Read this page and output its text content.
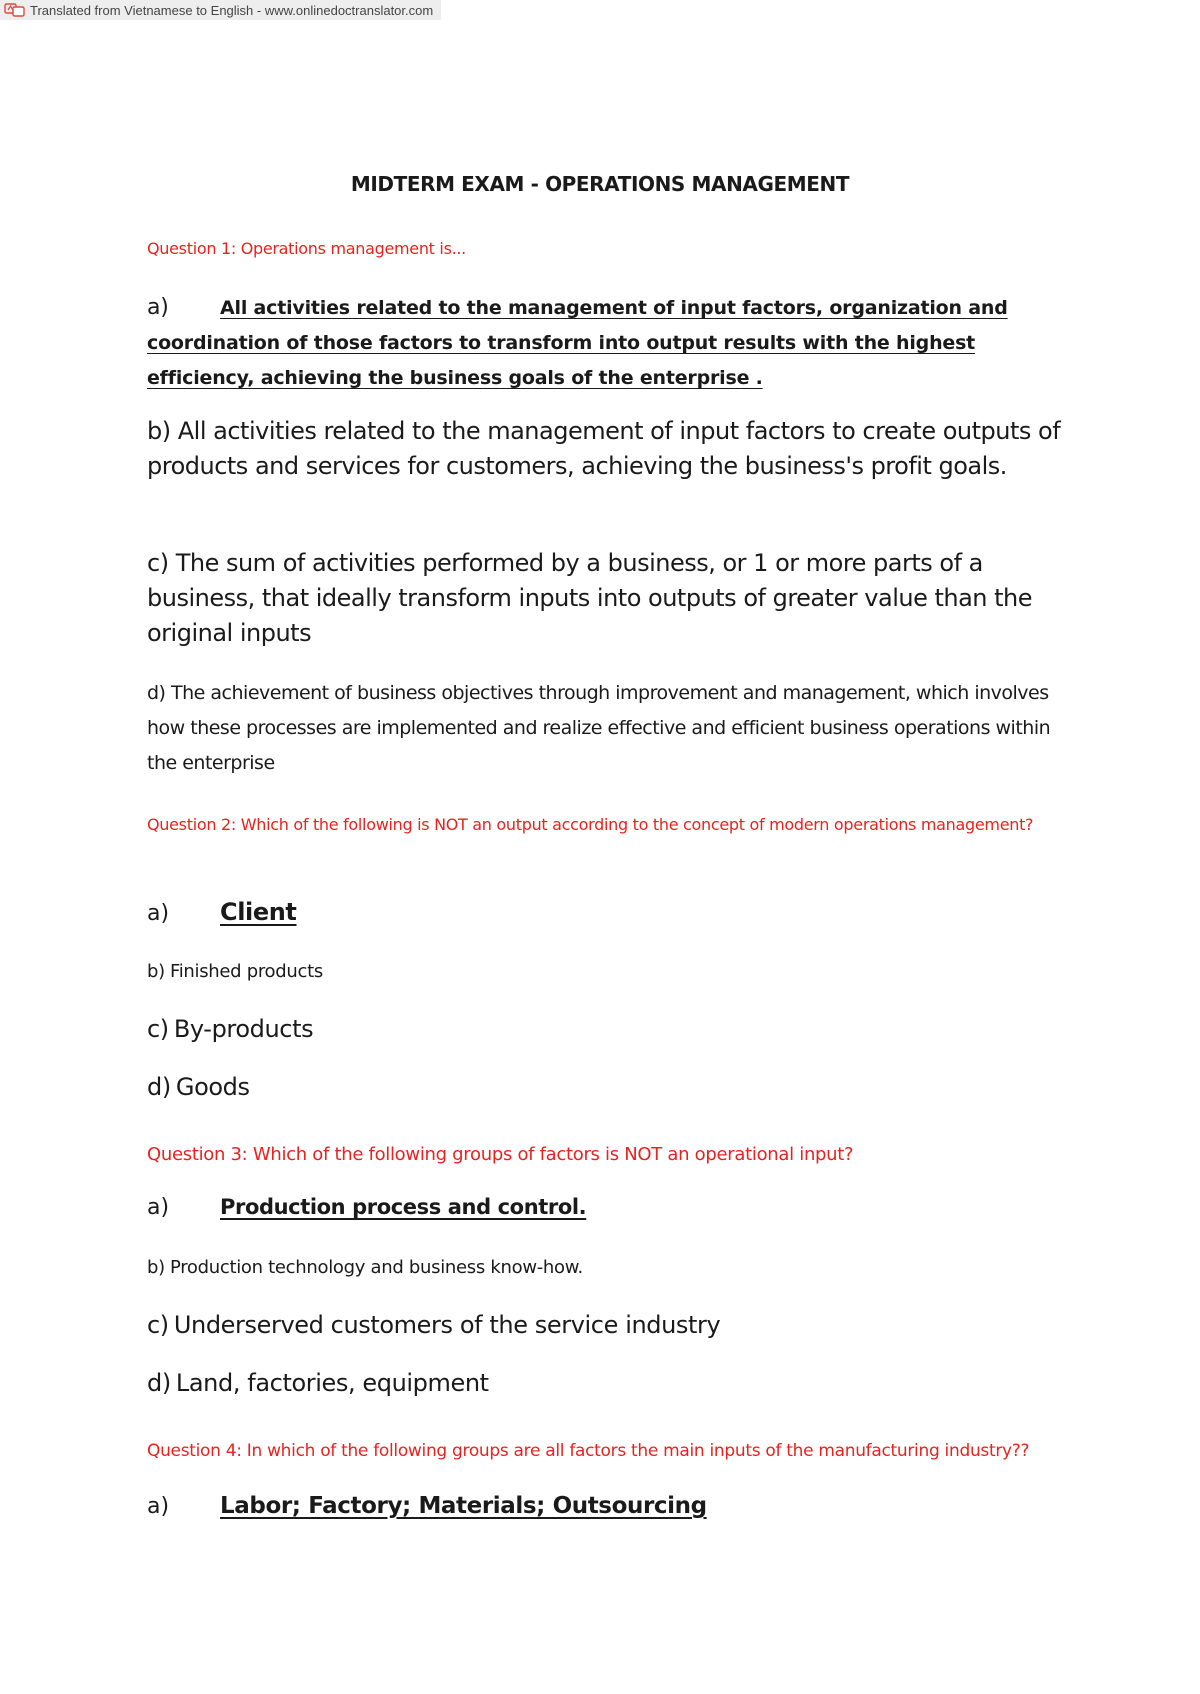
Translated from Vietnamese to English - www.onlinedoctranslator.com
MIDTERM EXAM - OPERATIONS MANAGEMENT
Question 1: Operations management is...
a)	All activities related to the management of input factors, organization and coordination of those factors to transform into output results with the highest efficiency, achieving the business goals of the enterprise .
b) All activities related to the management of input factors to create outputs of products and services for customers, achieving the business's profit goals.
c) The sum of activities performed by a business, or 1 or more parts of a business, that ideally transform inputs into outputs of greater value than the original inputs
d) The achievement of business objectives through improvement and management, which involves how these processes are implemented and realize effective and efficient business operations within the enterprise
Question 2: Which of the following is NOT an output according to the concept of modern operations management?
a)	Client
b)
Finished products
c)
By-products
d)
Goods
Question 3: Which of the following groups of factors is NOT an operational input?
a)	Production process and control.
b)
Production technology and business know-how.
c)
Underserved customers of the service industry
d)
Land, factories, equipment
Question 4: In which of the following groups are all factors the main inputs of the manufacturing industry??
a)	Labor; Factory; Materials; Outsourcing
